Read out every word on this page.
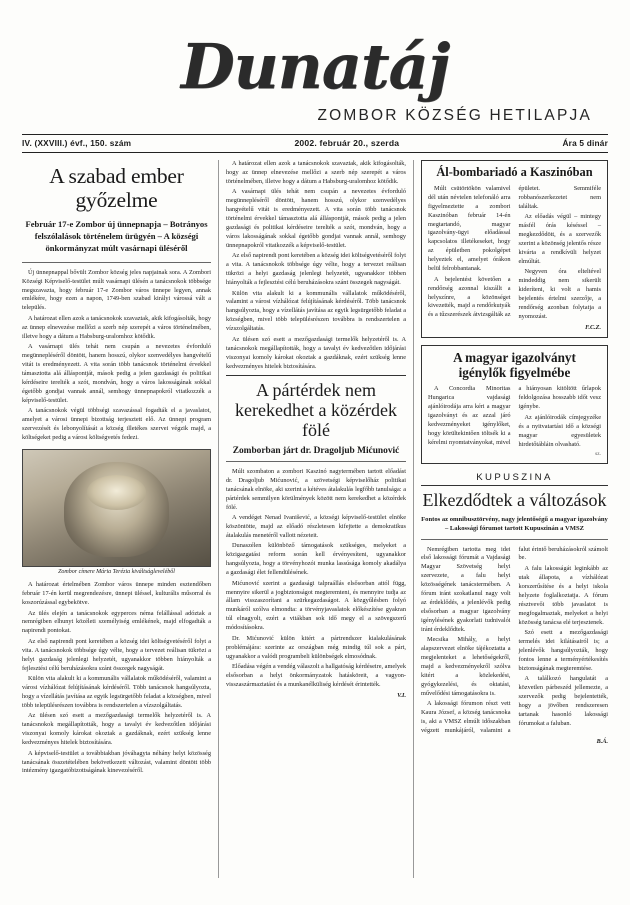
Dunatáj
ZOMBOR KÖZSÉG HETILAPJA
IV. (XXVIII.) évf., 150. szám	2002. február 20., szerda	Ára 5 dinár
A szabad ember győzelme
Február 17-e Zombor új ünnepnapja – Botrányos felszólalások történelem ürügyén – A községi önkormányzat múlt vasárnapi üléséről

Új ünnepnappal bővült Zombor község jeles napjainak sora. A Zombori Községi Képviselő-testület múlt vasárnapi ülésén a tanácsnokok többsége megszavazta, hogy február 17-e Zombor város ünnepe legyen, annak emlékére, hogy ezen a napon, 1749-ben szabad királyi várossá vált a település.

A határozat ellen azok a tanácsnokok szavaztak, akik kifogásolták, hogy az ünnep elnevezése mellőzi a szerb nép szerepét a város történelmében, illetve hogy a dátum a Habsburg-uralomhoz kötődik.

A vasárnapi ülés tehát nem csupán a nevezetes évforduló megünnepléséről döntött, hanem hosszú, olykor szenvedélyes hangvételű vitát is eredményezett. A vita során több tanácsnok történelmi érvekkel támasztotta alá álláspontját, mások pedig a jelen gazdasági és politikai kérdéseire terelték a szót, mondván, hogy a város lakosságának sokkal égetőbb gondjai vannak annál, semhogy ünnepnapokról vitatkozzék a képviselő-testület.

A tanácsnokok végül többségi szavazással fogadták el a javaslatot, amelyet a városi ünnepi bizottság terjesztett elő. Az ünnepi program szervezését és lebonyolítását a község illetékes szervei végzik majd, a költségeket pedig a városi költségvetés fedezi.

Zombor címere Mária Terézia kiváltságleveléből

A határozat értelmében Zombor város ünnepe minden esztendőben február 17-én kerül megrendezésre, ünnepi üléssel, kulturális műsorral és koszorúzással egybekötve.

Az ülés elején a tanácsnokok egyperces néma felállással adóztak a nemrégiben elhunyt közéleti személyiség emlékének, majd elfogadták a napirendi pontokat.

Az első napirendi pont keretében a község idei költségvetéséről folyt a vita. A tanácsnokok többsége úgy vélte, hogy a tervezet reálisan tükrözi a helyi gazdaság jelenlegi helyzetét, ugyanakkor többen hiányolták a fejlesztési célú beruházásokra szánt összegek nagyságát.

Külön vita alakult ki a kommunális vállalatok működéséről, valamint a városi vízhálózat felújításának kérdéséről. Több tanácsnok hangsúlyozta, hogy a vízellátás javítása az egyik legsürgetőbb feladat a községben, mivel több településrészen továbbra is rendszertelen a vízszolgáltatás.

Az ülésen szó esett a mezőgazdasági termelők helyzetéről is. A tanácsnokok megállapították, hogy a tavalyi év kedvezőtlen időjárási viszonyai komoly károkat okoztak a gazdáknak, ezért szükség lenne kedvezményes hitelek biztosítására.

A képviselő-testület a továbbiakban jóváhagyta néhány helyi közösség tanácsának összetételében bekövetkezett változást, valamint döntött több intézmény igazgatóbizottságának kinevezéséről.

A határozat ellen azok a tanácsnokok szavaztak, akik kifogásolták, hogy az ünnep elnevezése mellőzi a szerb nép szerepét a város történelmében, illetve hogy a dátum a Habsburg-uralomhoz kötődik.

A vasárnapi ülés tehát nem csupán a nevezetes évforduló megünnepléséről döntött, hanem hosszú, olykor szenvedélyes hangvételű vitát is eredményezett. A vita során több tanácsnok történelmi érvekkel támasztotta alá álláspontját, mások pedig a jelen gazdasági és politikai kérdéseire terelték a szót, mondván, hogy a város lakosságának sokkal égetőbb gondjai vannak annál, semhogy ünnepnapokról vitatkozzék a képviselő-testület.

Az első napirendi pont keretében a község idei költségvetéséről folyt a vita. A tanácsnokok többsége úgy vélte, hogy a tervezet reálisan tükrözi a helyi gazdaság jelenlegi helyzetét, ugyanakkor többen hiányolták a fejlesztési célú beruházásokra szánt összegek nagyságát.

Külön vita alakult ki a kommunális vállalatok működéséről, valamint a városi vízhálózat felújításának kérdéséről. Több tanácsnok hangsúlyozta, hogy a vízellátás javítása az egyik legsürgetőbb feladat a községben, mivel több településrészen továbbra is rendszertelen a vízszolgáltatás.

Az ülésen szó esett a mezőgazdasági termelők helyzetéről is. A tanácsnokok megállapították, hogy a tavalyi év kedvezőtlen időjárási viszonyai komoly károkat okoztak a gazdáknak, ezért szükség lenne kedvezményes hitelek biztosítására.

A pártérdek nem kerekedhet a közérdek fölé
Zomborban járt dr. Dragoljub Mićunović

Múlt szombaton a zombori Kaszinó nagytermében tartott előadást dr. Dragoljub Mićunović, a szövetségi képviselőház politikai tanácsának elnöke, aki szerint a kétéves átalakulás legfőbb tanulsága: a pártérdek semmilyen körülmények között nem kerekedhet a közérdek fölé.

A vendéget Nenad Ivanišević, a községi képviselő-testület elnöke köszöntötte, majd az előadó részletesen kifejtette a demokratikus átalakulás menetéről vallott nézeteit.

Dunaszélen különböző támogatások szükséges, melyeket a közigazgatási reform során kell érvényesíteni, ugyanakkor hangsúlyozta, hogy a törvényhozói munka lassúsága komoly akadálya a gazdasági élet fellendülésének.

Mićunović szerint a gazdasági talpraállás elsősorban attól függ, mennyire sikerül a jogbiztonságot megteremteni, és mennyire tudja az állam visszaszorítani a szürkegazdaságot. A közgyűlésben folyó munkáról szólva elmondta: a törvényjavaslatok előkészítése gyakran túl elnagyolt, ezért a vitákban sok idő megy el a szövegszerű módosításokra.

Dr. Mićunović külön kitért a pártrendszer kialakulásának problémájára: szerinte az országban még mindig túl sok a párt, ugyanakkor a valódi programbeli különbségek elmosódnak.

Előadása végén a vendég válaszolt a hallgatóság kérdéseire, amelyek elsősorban a helyi önkormányzatok hatásköreit, a vagyon-visszaszármaztatást és a munkanélküliség kérdését érintették.

V.I.
Ál-bombariadó a Kaszinóban

Múlt csütörtökön valamivel dél után névtelen telefonáló arra figyelmeztette a zombori Kaszinóban február 14-én megtartandó, magyar igazolvány-ügyi előadással kapcsolatos illetékeseket, hogy az épületben pokolgépet helyeztek el, amelyet órákon belül felrobbantanak.

A bejelentést követően a rendőrség azonnal kiszállt a helyszínre, a közönséget kivezették, majd a rendőrkutyák és a tűzszerészek átvizsgálták az épületet. Semmiféle robbanószerkezetet nem találtak.

Az előadás végül – mintegy másfél órás késéssel – megkezdődött, és a szervezők szerint a közönség jelentős része kivárta a rendkívüli helyzet elmúltát.

Negyven óra elteltével mindeddig nem sikerült kideríteni, ki volt a hamis bejelentés értelmi szerzője, a rendőrség azonban folytatja a nyomozást.

F.C.Z.
A magyar igazolványt igénylők figyelmébe

A Concordia Minoritas Hungarica vajdasági ajánlóirodája arra kéri a magyar igazolványt és az azzal járó kedvezményeket igénylőket, hogy körültekintően töltsék ki a kérelmi nyomtatványokat, mivel a hiányosan kitöltött űrlapok feldolgozása hosszabb időt vesz igénybe.

Az ajánlóirodák címjegyzéke és a nyitvatartási idő a községi magyar egyesületek hirdetőtábláin olvasható.

sz.
KUPUSZINA
Elkezdődtek a változások
Fontos az omnibusztörvény, nagy jelentőségű a magyar igazolvány – Lakossági fórumot tartott Kupuszinán a VMSZ

Nemrégiben tartotta meg idei első lakossági fórumát a Vajdasági Magyar Szövetség helyi szervezete, a falu helyi közösségének tanácstermében. A fórum iránt szokatlanul nagy volt az érdeklődés, a jelenlévők pedig elsősorban a magyar igazolvány igénylésének gyakorlati tudnivalói iránt érdeklődtek.

Mecsika Mihály, a helyi alapszervezet elnöke tájékoztatta a megjelenteket a lehetőségekről, majd a kedvezményekről szólva kitért a közlekedési, gyógykezelési, és oktatási, művelődési támogatásokra is.

A lakossági fórumon részt vett Kaura József, a község tanácsnoka is, aki a VMSZ elmúlt időszakban végzett munkájáról, valamint a falut érintő beruházásokról számolt be.

A falu lakosságát leginkább az utak állapota, a vízhálózat korszerűsítése és a helyi iskola helyzete foglalkoztatja. A fórum résztvevői több javaslatot is megfogalmaztak, melyeket a helyi közösség tanácsa elé terjesztenek.

Szó esett a mezőgazdasági termelés idei kilátásairól is; a jelenlévők hangsúlyozták, hogy fontos lenne a terményértékesítés biztonságának megteremtése.

A találkozó hangulatát a közvetlen párbeszéd jellemezte, a szervezők pedig bejelentették, hogy a jövőben rendszeresen tartanak hasonló lakossági fórumokat a faluban.

B.Á.
